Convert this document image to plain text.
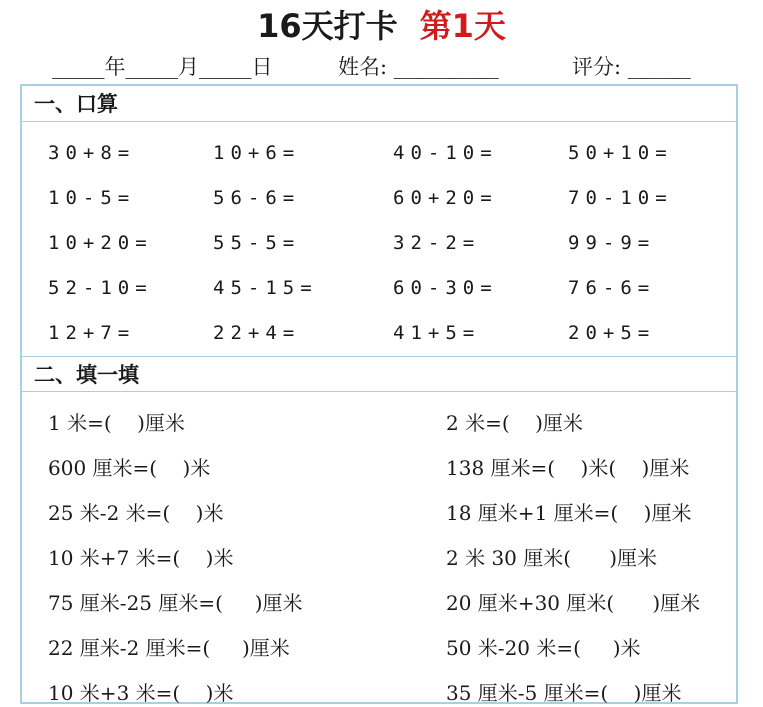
16天打卡 第1天
_____年_____月_____日	姓名: __________	评分: ______
一、口算
30+8=	10+6=	40-10=	50+10=
10-5=	56-6=	60+20=	70-10=
10+20=	55-5=	32-2=	99-9=
52-10=	45-15=	60-30=	76-6=
12+7=	22+4=	41+5=	20+5=
二、填一填
1 米=(    )厘米	2 米=(    )厘米
600 厘米=(    )米	138 厘米=(    )米(    )厘米
25 米-2 米=(    )米	18 厘米+1 厘米=(    )厘米
10 米+7 米=(    )米	2 米 30 厘米(      )厘米
75 厘米-25 厘米=(     )厘米	20 厘米+30 厘米(      )厘米
22 厘米-2 厘米=(     )厘米	50 米-20 米=(     )米
10 米+3 米=(    )米	35 厘米-5 厘米=(    )厘米
